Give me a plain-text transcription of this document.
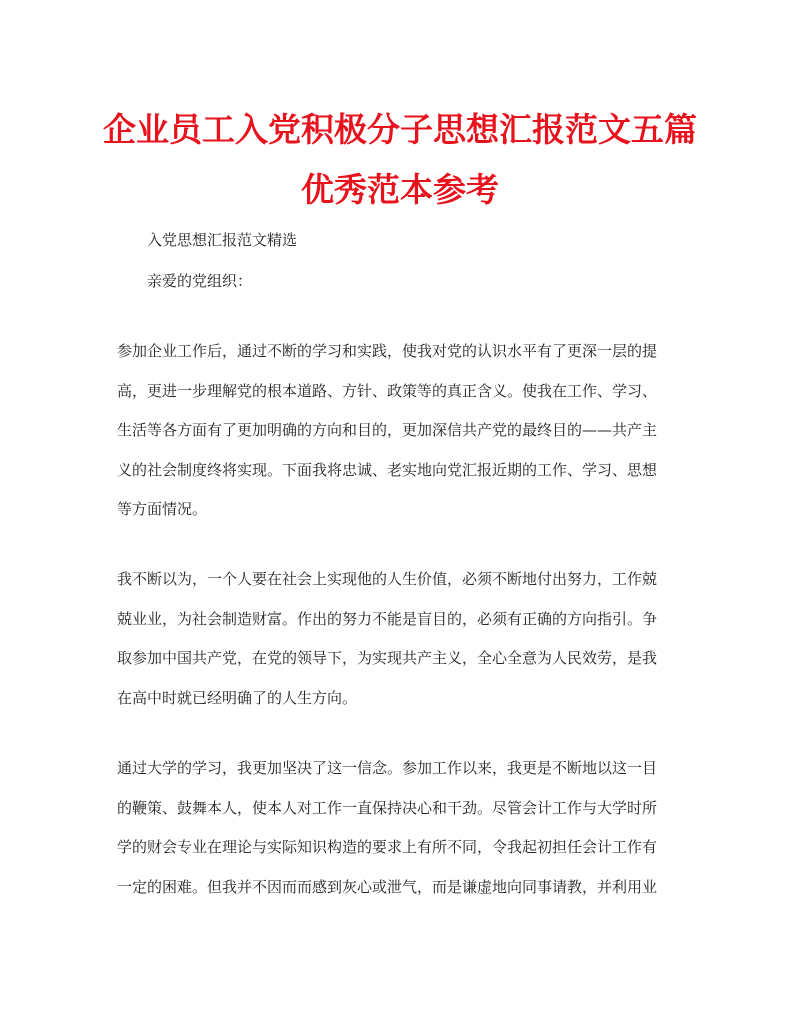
企业员工入党积极分子思想汇报范文五篇
优秀范本参考
入党思想汇报范文精选
亲爱的党组织：
参加企业工作后，通过不断的学习和实践，使我对党的认识水平有了更深一层的提
高，更进一步理解党的根本道路、方针、政策等的真正含义。使我在工作、学习、
生活等各方面有了更加明确的方向和目的，更加深信共产党的最终目的——共产主
义的社会制度终将实现。下面我将忠诚、老实地向党汇报近期的工作、学习、思想
等方面情况。
我不断以为，一个人要在社会上实现他的人生价值，必须不断地付出努力，工作兢
兢业业，为社会制造财富。作出的努力不能是盲目的，必须有正确的方向指引。争
取参加中国共产党，在党的领导下，为实现共产主义，全心全意为人民效劳，是我
在高中时就已经明确了的人生方向。
通过大学的学习，我更加坚决了这一信念。参加工作以来，我更是不断地以这一目
的鞭策、鼓舞本人，使本人对工作一直保持决心和干劲。尽管会计工作与大学时所
学的财会专业在理论与实际知识构造的要求上有所不同，令我起初担任会计工作有
一定的困难。但我并不因而而感到灰心或泄气，而是谦虚地向同事请教，并利用业
